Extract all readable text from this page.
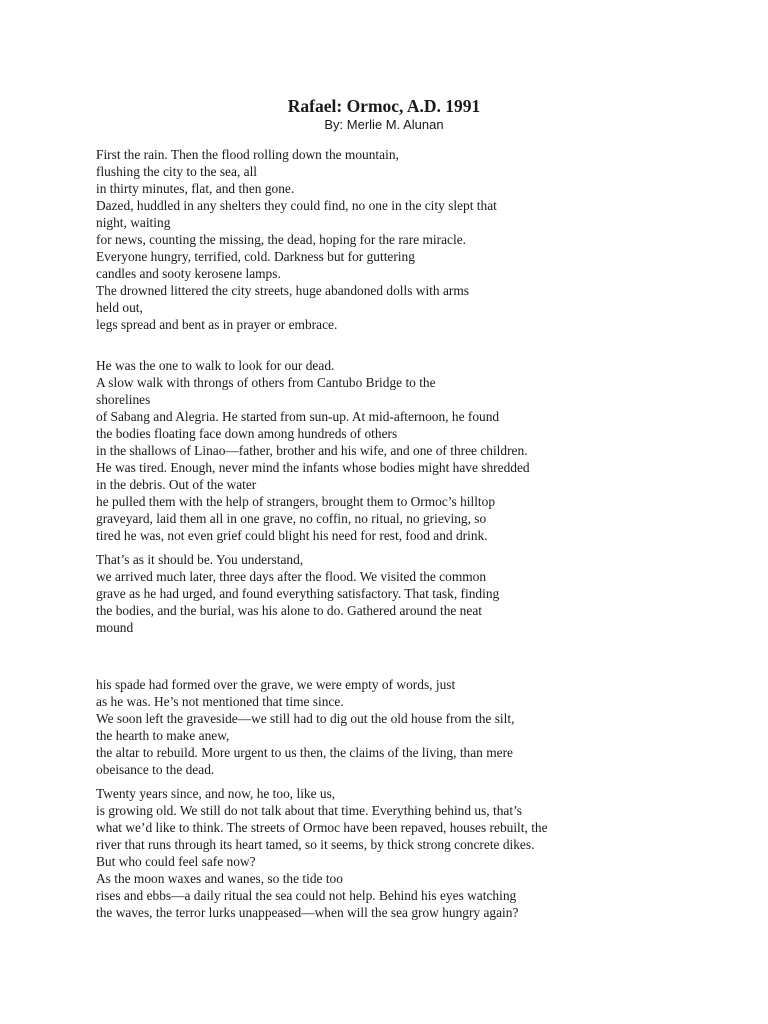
Rafael: Ormoc, A.D. 1991
By: Merlie M. Alunan
First the rain. Then the flood rolling down the mountain,
flushing the city to the sea, all
in thirty minutes, flat, and then gone.
Dazed, huddled in any shelters they could find, no one in the city slept that
night, waiting
for news, counting the missing, the dead, hoping for the rare miracle.
Everyone hungry, terrified, cold. Darkness but for guttering
candles and sooty kerosene lamps.
The drowned littered the city streets, huge abandoned dolls with arms
held out,
legs spread and bent as in prayer or embrace.
He was the one to walk to look for our dead.
A slow walk with throngs of others from Cantubo Bridge to the
shorelines
of Sabang and Alegria. He started from sun-up. At mid-afternoon, he found
the bodies floating face down among hundreds of others
in the shallows of Linao—father, brother and his wife, and one of three children.
He was tired. Enough, never mind the infants whose bodies might have shredded
in the debris. Out of the water
he pulled them with the help of strangers, brought them to Ormoc’s hilltop
graveyard, laid them all in one grave, no coffin, no ritual, no grieving, so
tired he was, not even grief could blight his need for rest, food and drink.
That’s as it should be. You understand,
we arrived much later, three days after the flood. We visited the common
grave as he had urged, and found everything satisfactory. That task, finding
the bodies, and the burial, was his alone to do. Gathered around the neat
mound
his spade had formed over the grave, we were empty of words, just
as he was. He’s not mentioned that time since.
We soon left the graveside—we still had to dig out the old house from the silt,
the hearth to make anew,
the altar to rebuild. More urgent to us then, the claims of the living, than mere
obeisance to the dead.
Twenty years since, and now, he too, like us,
is growing old. We still do not talk about that time. Everything behind us, that’s
what we’d like to think. The streets of Ormoc have been repaved, houses rebuilt, the
river that runs through its heart tamed, so it seems, by thick strong concrete dikes.
But who could feel safe now?
As the moon waxes and wanes, so the tide too
rises and ebbs—a daily ritual the sea could not help. Behind his eyes watching
the waves, the terror lurks unappeased—when will the sea grow hungry again?
